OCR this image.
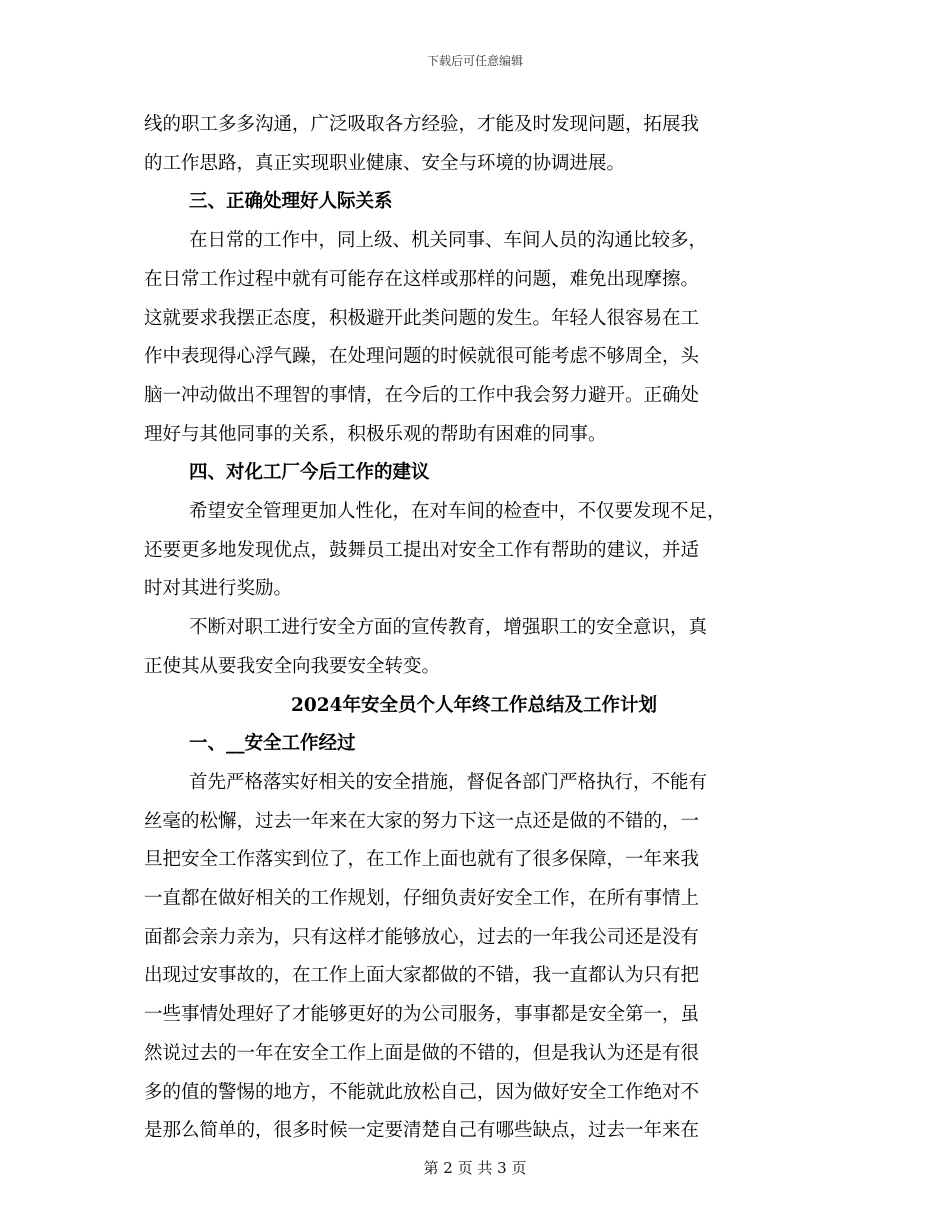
下载后可任意编辑

线的职工多多沟通，广泛吸取各方经验，才能及时发现问题，拓展我

的工作思路，真正实现职业健康、安全与环境的协调进展。

三、正确处理好人际关系

在日常的工作中，同上级、机关同事、车间人员的沟通比较多，

在日常工作过程中就有可能存在这样或那样的问题，难免出现摩擦。

这就要求我摆正态度，积极避开此类问题的发生。年轻人很容易在工

作中表现得心浮气躁，在处理问题的时候就很可能考虑不够周全，头

脑一冲动做出不理智的事情，在今后的工作中我会努力避开。正确处

理好与其他同事的关系，积极乐观的帮助有困难的同事。

四、对化工厂今后工作的建议

希望安全管理更加人性化，在对车间的检查中，不仅要发现不足，

还要更多地发现优点，鼓舞员工提出对安全工作有帮助的建议，并适

时对其进行奖励。

不断对职工进行安全方面的宣传教育，增强职工的安全意识，真

正使其从要我安全向我要安全转变。

2024年安全员个人年终工作总结及工作计划

一、__安全工作经过

首先严格落实好相关的安全措施，督促各部门严格执行，不能有

丝毫的松懈，过去一年来在大家的努力下这一点还是做的不错的，一

旦把安全工作落实到位了，在工作上面也就有了很多保障，一年来我

一直都在做好相关的工作规划，仔细负责好安全工作，在所有事情上

面都会亲力亲为，只有这样才能够放心，过去的一年我公司还是没有

出现过安事故的，在工作上面大家都做的不错，我一直都认为只有把

一些事情处理好了才能够更好的为公司服务，事事都是安全第一，虽

然说过去的一年在安全工作上面是做的不错的，但是我认为还是有很

多的值的警惕的地方，不能就此放松自己，因为做好安全工作绝对不

是那么简单的，很多时候一定要清楚自己有哪些缺点，过去一年来在

第 2 页 共 3 页
